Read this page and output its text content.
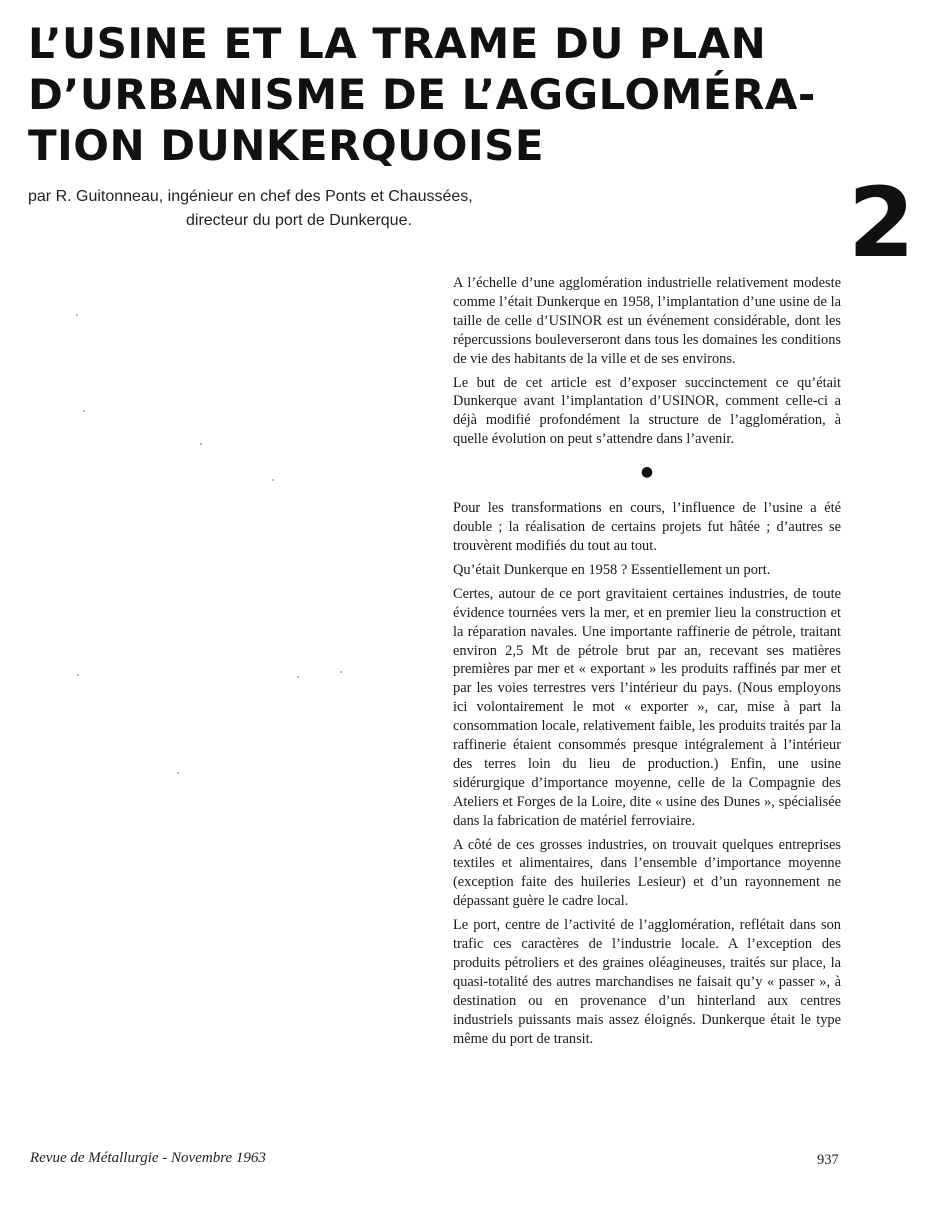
L’USINE ET LA TRAME DU PLAN
D’URBANISME DE L’AGGLOMÉRA-
TION DUNKERQUOISE
par R. Guitonneau, ingénieur en chef des Ponts et Chaussées,
directeur du port de Dunkerque.	2

A l’échelle d’une agglomération industrielle relativement modeste comme l’était Dunkerque en 1958, l’implantation d’une usine de la taille de celle d’USINOR est un événement considérable, dont les répercussions bouleverseront dans tous les domaines les conditions de vie des habitants de la ville et de ses environs.

Le but de cet article est d’exposer succinctement ce qu’était Dunkerque avant l’implantation d’USINOR, comment celle-ci a déjà modifié profondément la structure de l’agglomération, à quelle évolution on peut s’attendre dans l’avenir.

●

Pour les transformations en cours, l’influence de l’usine a été double ; la réalisation de certains projets fut hâtée ; d’autres se trouvèrent modifiés du tout au tout.

Qu’était Dunkerque en 1958 ? Essentiellement un port.

Certes, autour de ce port gravitaient certaines industries, de toute évidence tournées vers la mer, et en premier lieu la construction et la réparation navales. Une importante raffinerie de pétrole, traitant environ 2,5 Mt de pétrole brut par an, recevant ses matières premières par mer et « exportant » les produits raffinés par mer et par les voies terrestres vers l’intérieur du pays. (Nous employons ici volontairement le mot « exporter », car, mise à part la consommation locale, relativement faible, les produits traités par la raffinerie étaient consommés presque intégralement à l’intérieur des terres loin du lieu de production.) Enfin, une usine sidérurgique d’importance moyenne, celle de la Compagnie des Ateliers et Forges de la Loire, dite « usine des Dunes », spécialisée dans la fabrication de matériel ferroviaire.

A côté de ces grosses industries, on trouvait quelques entreprises textiles et alimentaires, dans l’ensemble d’importance moyenne (exception faite des huileries Lesieur) et d’un rayonnement ne dépassant guère le cadre local.

Le port, centre de l’activité de l’agglomération, reflétait dans son trafic ces caractères de l’industrie locale. A l’exception des produits pétroliers et des graines oléagineuses, traités sur place, la quasi-totalité des autres marchandises ne faisait qu’y « passer », à destination ou en provenance d’un hinterland aux centres industriels puissants mais assez éloignés. Dunkerque était le type même du port de transit.

Revue de Métallurgie - Novembre 1963	937
